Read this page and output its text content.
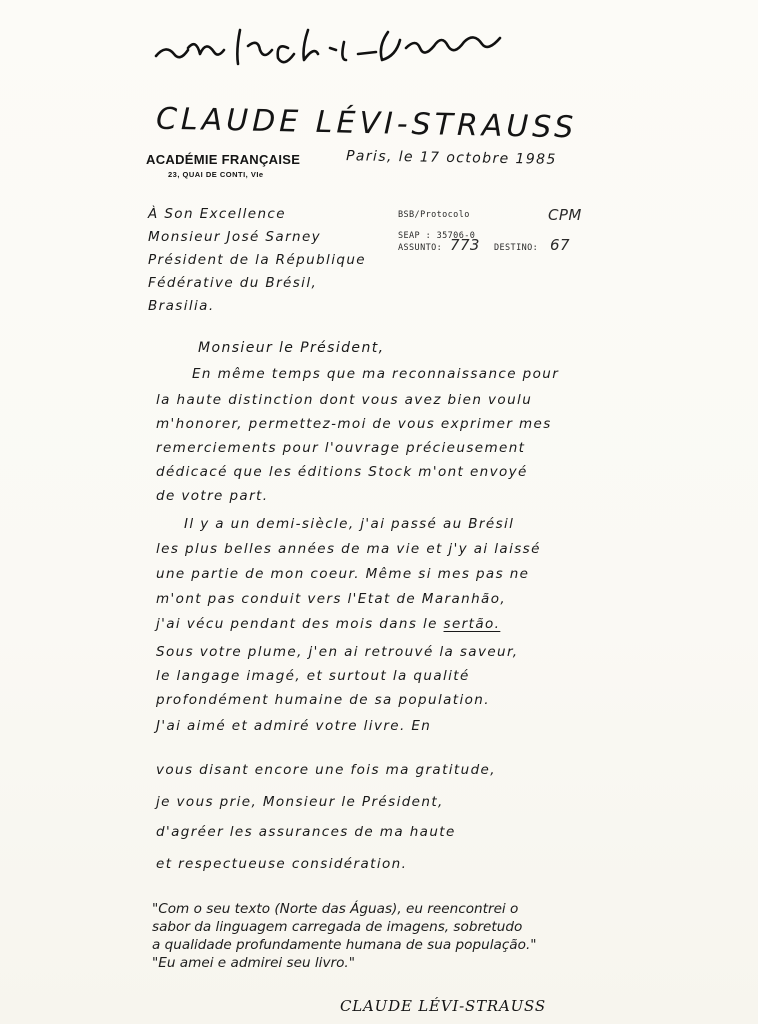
CLAUDE LÉVI-STRAUSS
ACADÉMIE FRANÇAISE
23, QUAI DE CONTI, VIe
Paris, le 17 octobre 1985
À Son Excellence
Monsieur José Sarney
Président de la République
Fédérative du Brésil,
Brasilia.
BSB/Protocolo
SEAP : 35706-0
ASSUNTO:	DESTINO:
CPM
773	67
Monsieur le Président,
En même temps que ma reconnaissance pour
la haute distinction dont vous avez bien voulu
m'honorer, permettez-moi de vous exprimer mes
remerciements pour l'ouvrage précieusement
dédicacé que les éditions Stock m'ont envoyé
de votre part.
Il y a un demi-siècle, j'ai passé au Brésil
les plus belles années de ma vie et j'y ai laissé
une partie de mon coeur. Même si mes pas ne
m'ont pas conduit vers l'Etat de Maranhão,
j'ai vécu pendant des mois dans le sertão.
Sous votre plume, j'en ai retrouvé la saveur,
le langage imagé, et surtout la qualité
profondément humaine de sa population.
J'ai aimé et admiré votre livre. En
vous disant encore une fois ma gratitude,
je vous prie, Monsieur le Président,
d'agréer les assurances de ma haute
et respectueuse considération.
"Com o seu texto (Norte das Águas), eu reencontrei o
sabor da linguagem carregada de imagens, sobretudo
a qualidade profundamente humana de sua população."
"Eu amei e admirei seu livro."
CLAUDE LÉVI-STRAUSS
